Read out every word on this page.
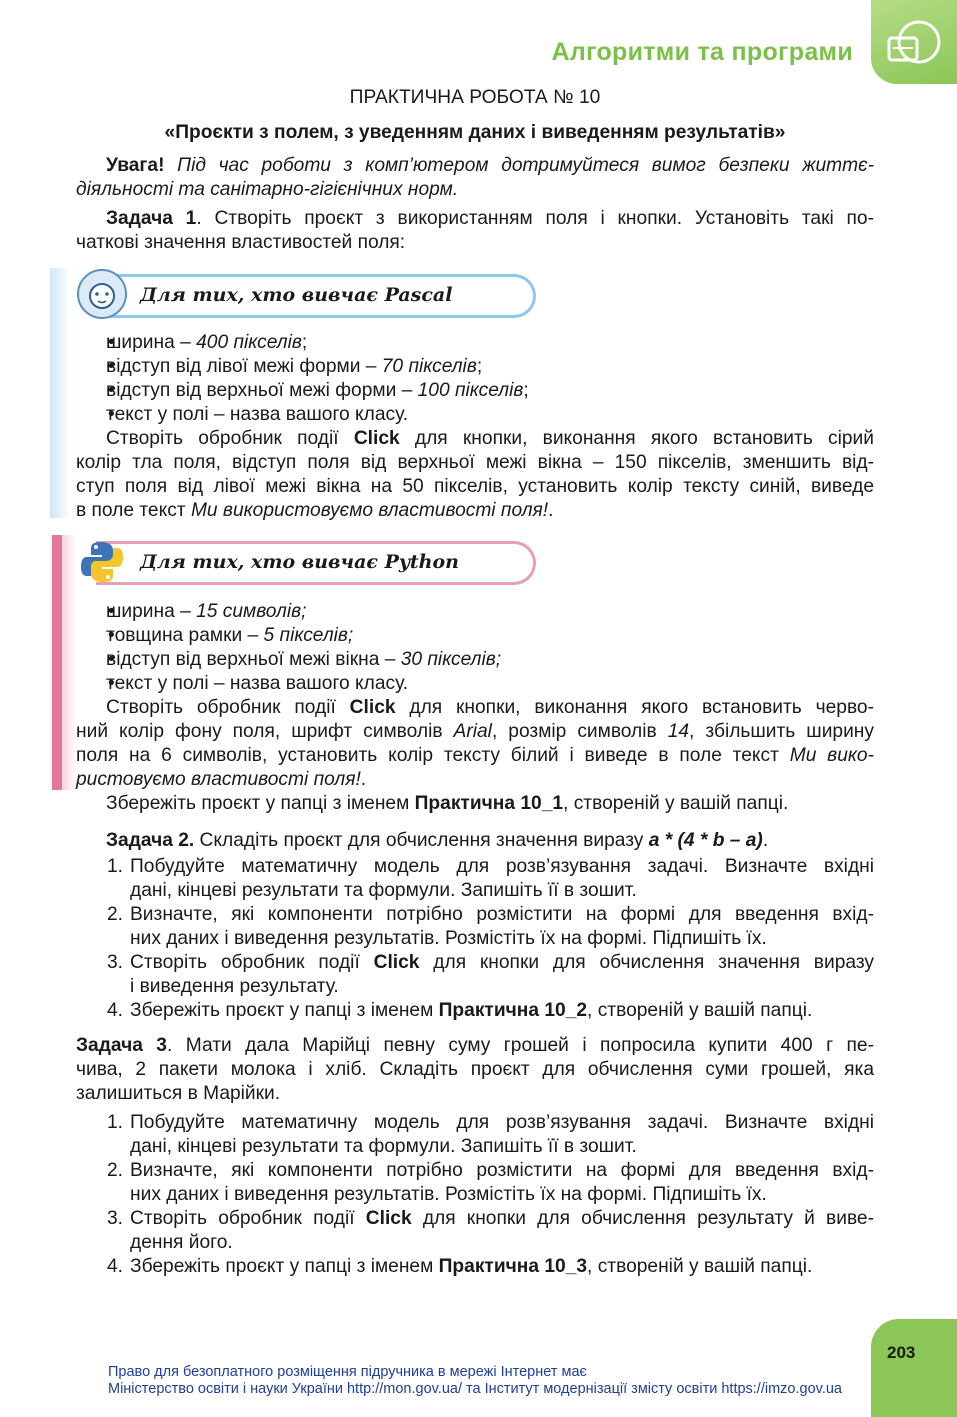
Алгоритми та програми
Для тих, хто вивчає Pascal
Для тих, хто вивчає Python
ПРАКТИЧНА РОБОТА № 10
«Проєкти з полем, з уведенням даних і виведенням результатів»
Увага! Під час роботи з комп’ютером дотримуйтеся вимог безпеки життє-
діяльності та санітарно-гігієнічних норм.
Задача 1. Створіть проєкт з використанням поля і кнопки. Установіть такі по-
чаткові значення властивостей поля:
• ширина – 400 пікселів;
• відступ від лівої межі форми – 70 пікселів;
• відступ від верхньої межі форми – 100 пікселів;
• текст у полі – назва вашого класу.
Створіть обробник події Click для кнопки, виконання якого встановить сірий
колір тла поля, відступ поля від верхньої межі вікна – 150 пікселів, зменшить від-
ступ поля від лівої межі вікна на 50 пікселів, установить колір тексту синій, виведе
в поле текст Ми використовуємо властивості поля!.
• ширина – 15 символів;
• товщина рамки – 5 пікселів;
• відступ від верхньої межі вікна – 30 пікселів;
• текст у полі – назва вашого класу.
Створіть обробник події Click для кнопки, виконання якого встановить черво-
ний колір фону поля, шрифт символів Arial, розмір символів 14, збільшить ширину
поля на 6 символів, установить колір тексту білий і виведе в поле текст Ми вико-
ристовуємо властивості поля!.
Збережіть проєкт у папці з іменем Практична 10_1, створеній у вашій папці.
Задача 2. Складіть проєкт для обчислення значення виразу a * (4 * b – a).
1. Побудуйте математичну модель для розв’язування задачі. Визначте вхідні
дані, кінцеві результати та формули. Запишіть її в зошит.
2. Визначте, які компоненти потрібно розмістити на формі для введення вхід-
них даних і виведення результатів. Розмістіть їх на формі. Підпишіть їх.
3. Створіть обробник події Click для кнопки для обчислення значення виразу
і виведення результату.
4. Збережіть проєкт у папці з іменем Практична 10_2, створеній у вашій папці.
Задача 3. Мати дала Марійці певну суму грошей і попросила купити 400 г пе-
чива, 2 пакети молока і хліб. Складіть проєкт для обчислення суми грошей, яка
залишиться в Марійки.
1. Побудуйте математичну модель для розв’язування задачі. Визначте вхідні
дані, кінцеві результати та формули. Запишіть її в зошит.
2. Визначте, які компоненти потрібно розмістити на формі для введення вхід-
них даних і виведення результатів. Розмістіть їх на формі. Підпишіть їх.
3. Створіть обробник події Click для кнопки для обчислення результату й виве-
дення його.
4. Збережіть проєкт у папці з іменем Практична 10_3, створеній у вашій папці.
203
Право для безоплатного розміщення підручника в мережі Інтернет має
Міністерство освіти і науки України http://mon.gov.ua/ та Інститут модернізації змісту освіти https://imzo.gov.ua
